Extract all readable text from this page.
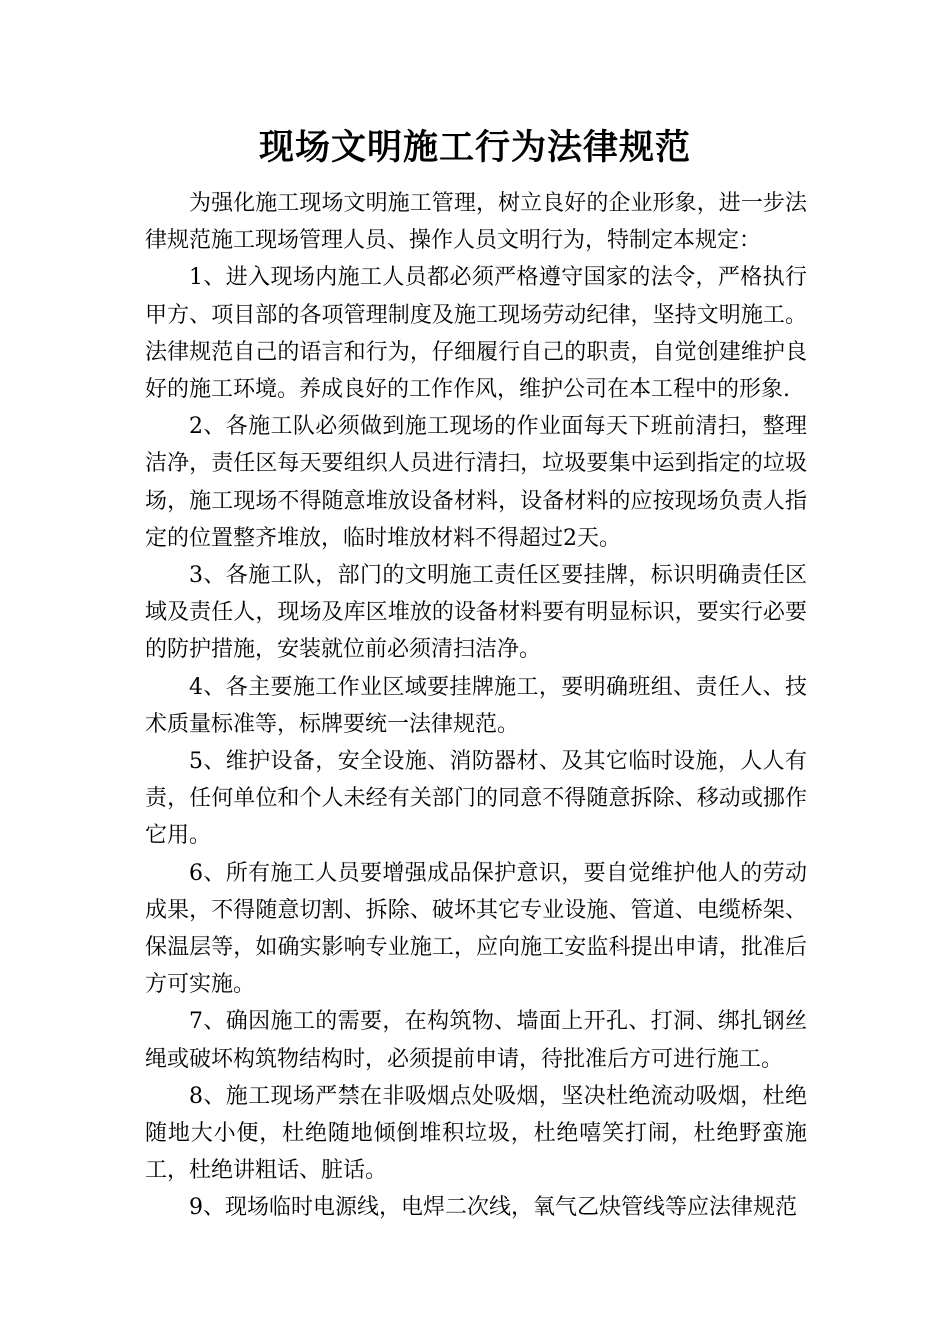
现场文明施工行为法律规范

为强化施工现场文明施工管理，树立良好的企业形象，进一步法律规范施工现场管理人员、操作人员文明行为，特制定本规定：

1、进入现场内施工人员都必须严格遵守国家的法令，严格执行甲方、项目部的各项管理制度及施工现场劳动纪律，坚持文明施工。法律规范自己的语言和行为，仔细履行自己的职责，自觉创建维护良好的施工环境。养成良好的工作作风，维护公司在本工程中的形象.

2、各施工队必须做到施工现场的作业面每天下班前清扫，整理洁净，责任区每天要组织人员进行清扫，垃圾要集中运到指定的垃圾场，施工现场不得随意堆放设备材料，设备材料的应按现场负责人指定的位置整齐堆放，临时堆放材料不得超过2天。

3、各施工队，部门的文明施工责任区要挂牌，标识明确责任区域及责任人，现场及库区堆放的设备材料要有明显标识，要实行必要的防护措施，安装就位前必须清扫洁净。

4、各主要施工作业区域要挂牌施工，要明确班组、责任人、技术质量标准等，标牌要统一法律规范。

5、维护设备，安全设施、消防器材、及其它临时设施，人人有责，任何单位和个人未经有关部门的同意不得随意拆除、移动或挪作它用。

6、所有施工人员要增强成品保护意识，要自觉维护他人的劳动成果，不得随意切割、拆除、破坏其它专业设施、管道、电缆桥架、保温层等，如确实影响专业施工，应向施工安监科提出申请，批准后方可实施。

7、确因施工的需要，在构筑物、墙面上开孔、打洞、绑扎钢丝绳或破坏构筑物结构时，必须提前申请，待批准后方可进行施工。

8、施工现场严禁在非吸烟点处吸烟，坚决杜绝流动吸烟，杜绝随地大小便，杜绝随地倾倒堆积垃圾，杜绝嘻笑打闹，杜绝野蛮施工，杜绝讲粗话、脏话。

9、现场临时电源线，电焊二次线，氧气乙炔管线等应法律规范
